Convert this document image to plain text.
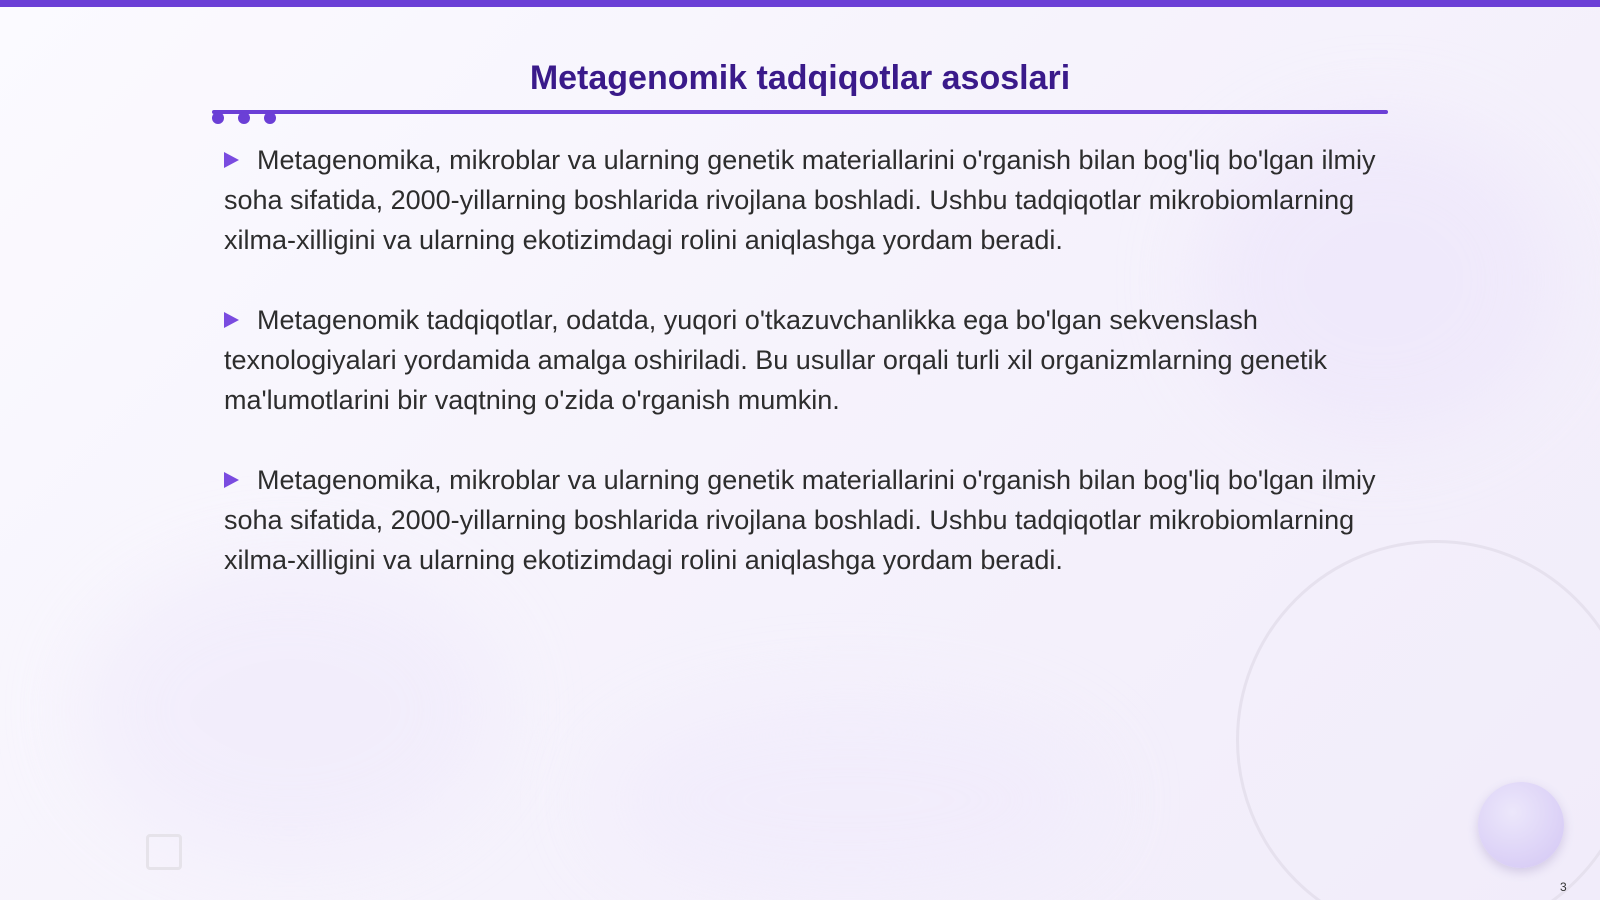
Metagenomik tadqiqotlar asoslari

Metagenomika, mikroblar va ularning genetik materiallarini o'rganish bilan bog'liq bo'lgan ilmiy soha sifatida, 2000-yillarning boshlarida rivojlana boshladi. Ushbu tadqiqotlar mikrobiomlarning xilma-xilligini va ularning ekotizimdagi rolini aniqlashga yordam beradi.

Metagenomik tadqiqotlar, odatda, yuqori o'tkazuvchanlikka ega bo'lgan sekvenslash texnologiyalari yordamida amalga oshiriladi. Bu usullar orqali turli xil organizmlarning genetik ma'lumotlarini bir vaqtning o'zida o'rganish mumkin.

Metagenomika, mikroblar va ularning genetik materiallarini o'rganish bilan bog'liq bo'lgan ilmiy soha sifatida, 2000-yillarning boshlarida rivojlana boshladi. Ushbu tadqiqotlar mikrobiomlarning xilma-xilligini va ularning ekotizimdagi rolini aniqlashga yordam beradi.

3
